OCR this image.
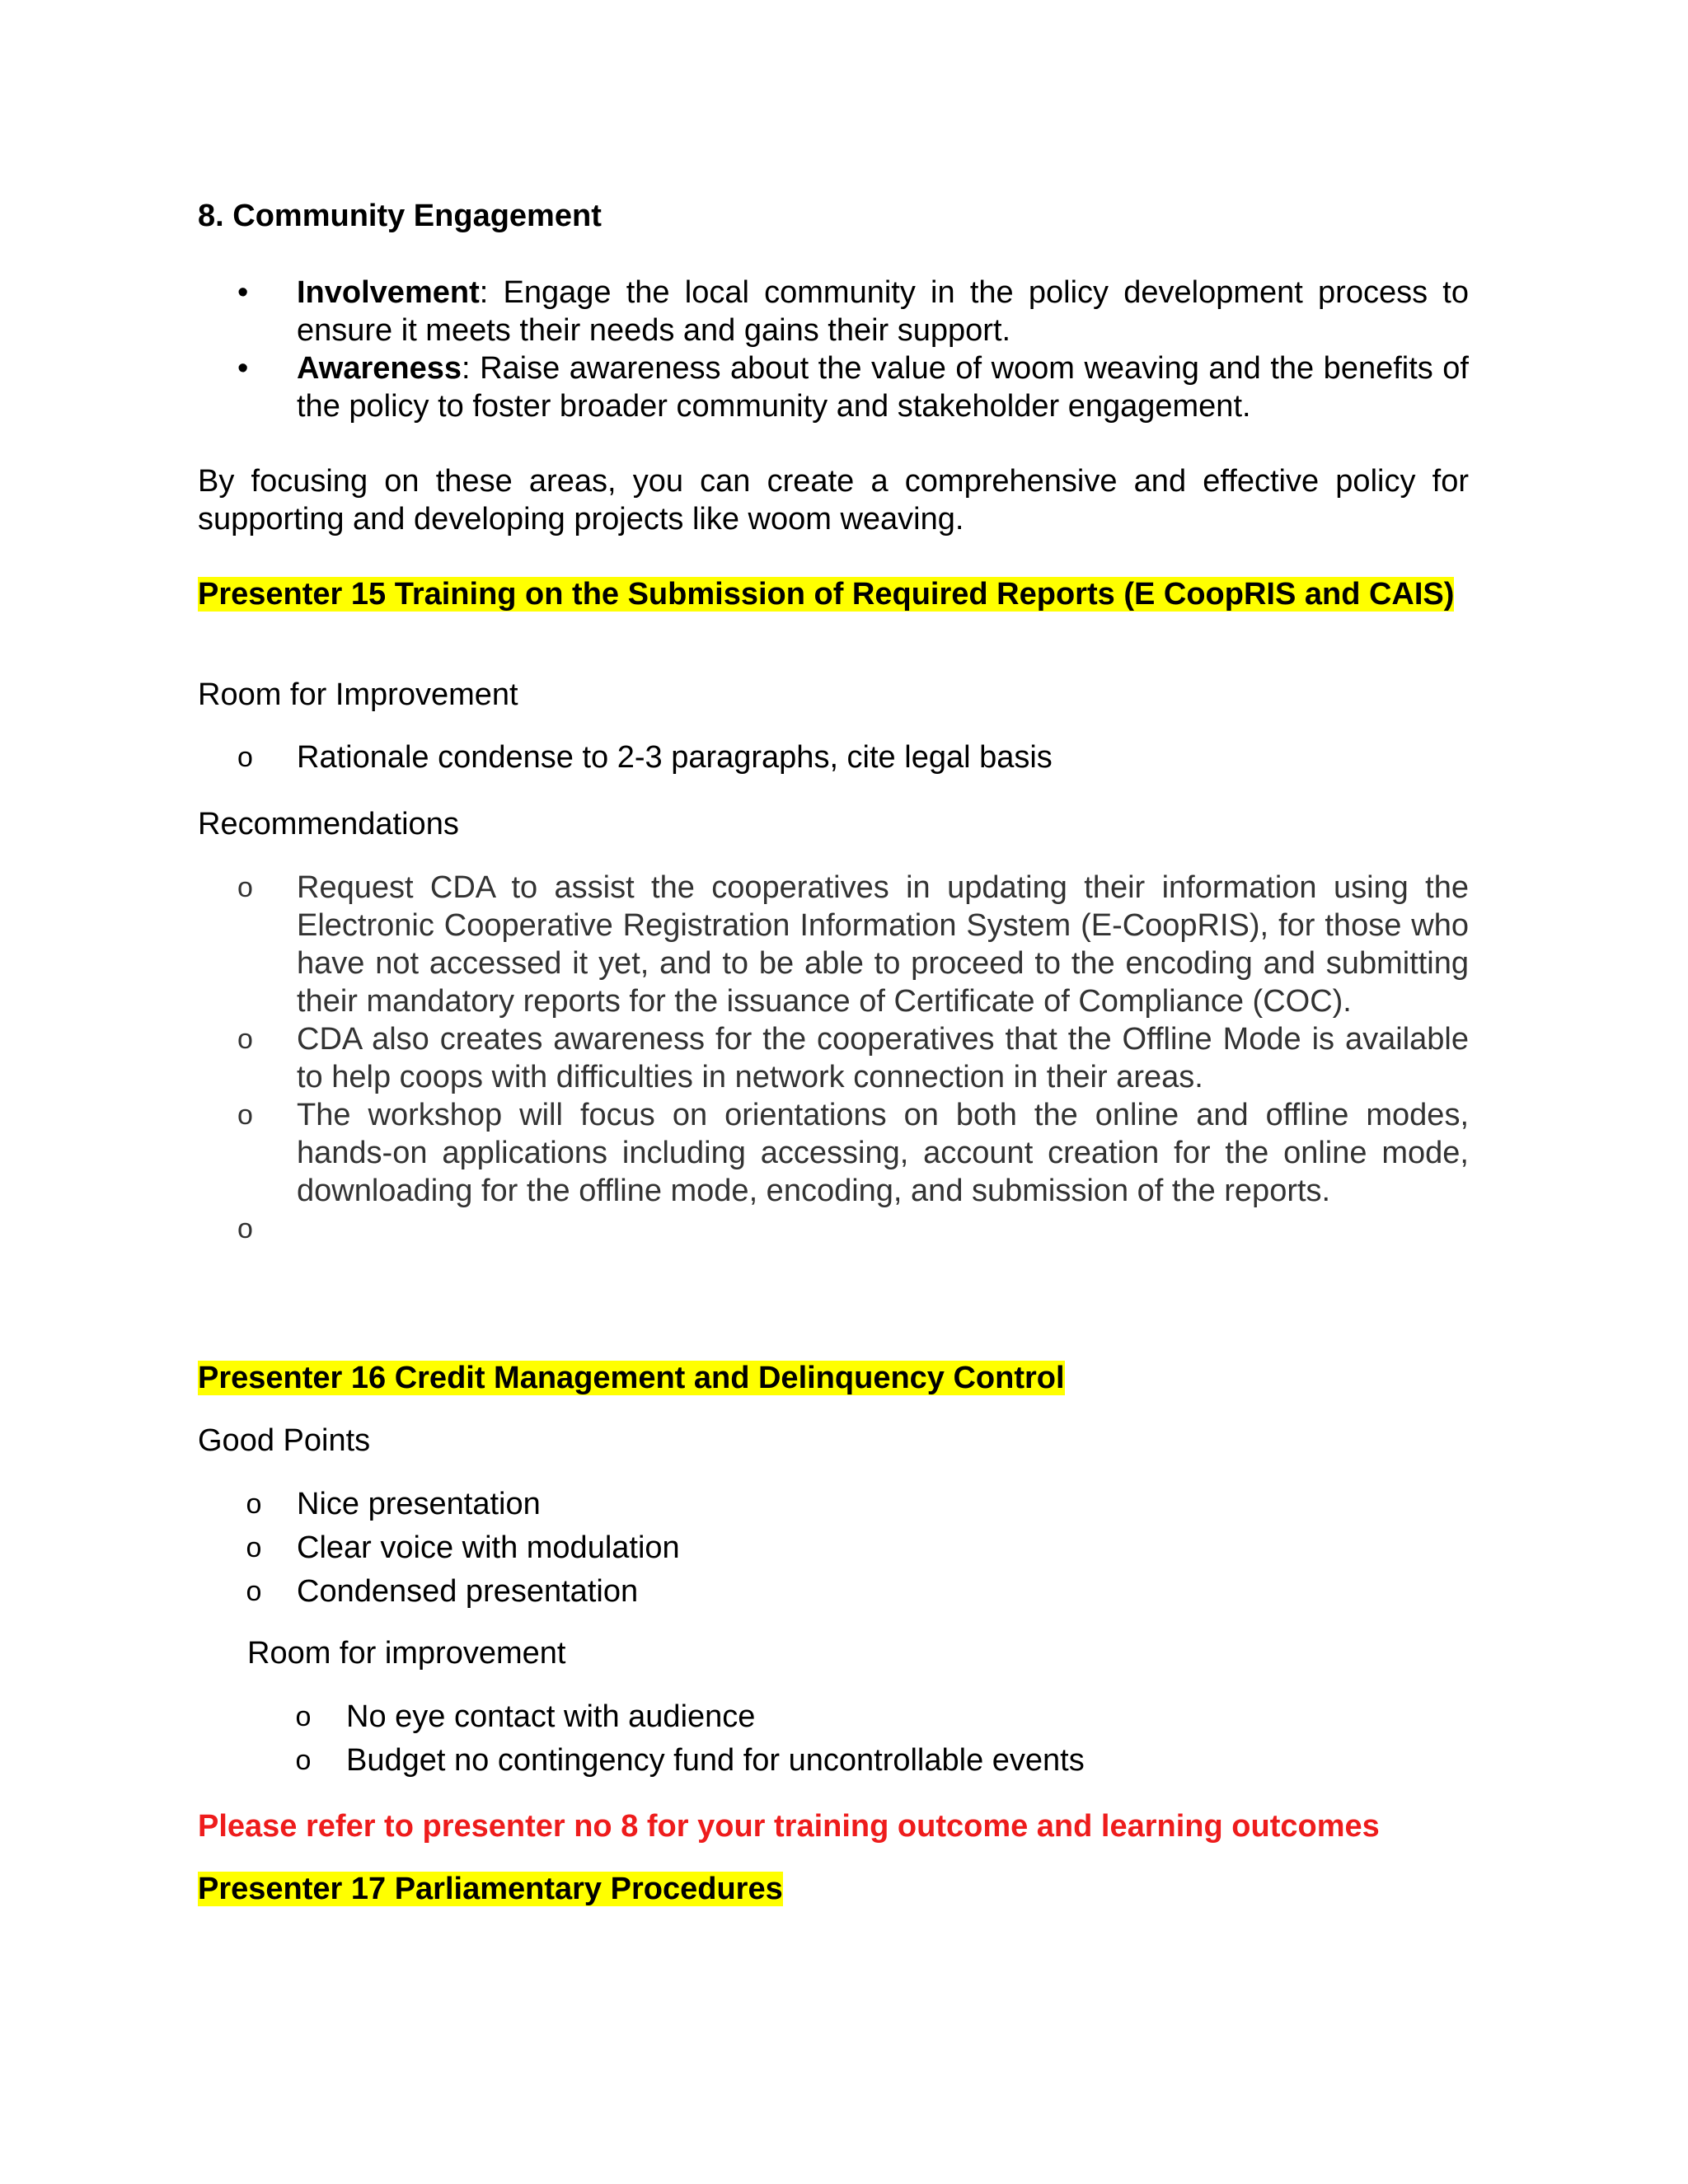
8. Community Engagement
•	Involvement: Engage the local community in the policy development process to ensure it meets their needs and gains their support.
•	Awareness: Raise awareness about the value of woom weaving and the benefits of the policy to foster broader community and stakeholder engagement.
By focusing on these areas, you can create a comprehensive and effective policy for supporting and developing projects like woom weaving.
Presenter 15 Training on the Submission of Required Reports (E CoopRIS and CAIS)
Room for Improvement
o	Rationale condense to 2-3 paragraphs, cite legal basis
Recommendations
o	Request CDA to assist the cooperatives in updating their information using the Electronic Cooperative Registration Information System (E-CoopRIS), for those who have not accessed it yet, and to be able to proceed to the encoding and submitting their mandatory reports for the issuance of Certificate of Compliance (COC).
o	CDA also creates awareness for the cooperatives that the Offline Mode is available to help coops with difficulties in network connection in their areas.
o	The workshop will focus on orientations on both the online and offline modes, hands-on applications including accessing, account creation for the online mode, downloading for the offline mode, encoding, and submission of the reports.
o
Presenter 16 Credit Management and Delinquency Control
Good Points
o Nice presentation
o Clear voice with modulation
o Condensed presentation
Room for improvement
o No eye contact with audience
o Budget no contingency fund for uncontrollable events
Please refer to presenter no 8 for your training outcome and learning outcomes
Presenter 17 Parliamentary Procedures
